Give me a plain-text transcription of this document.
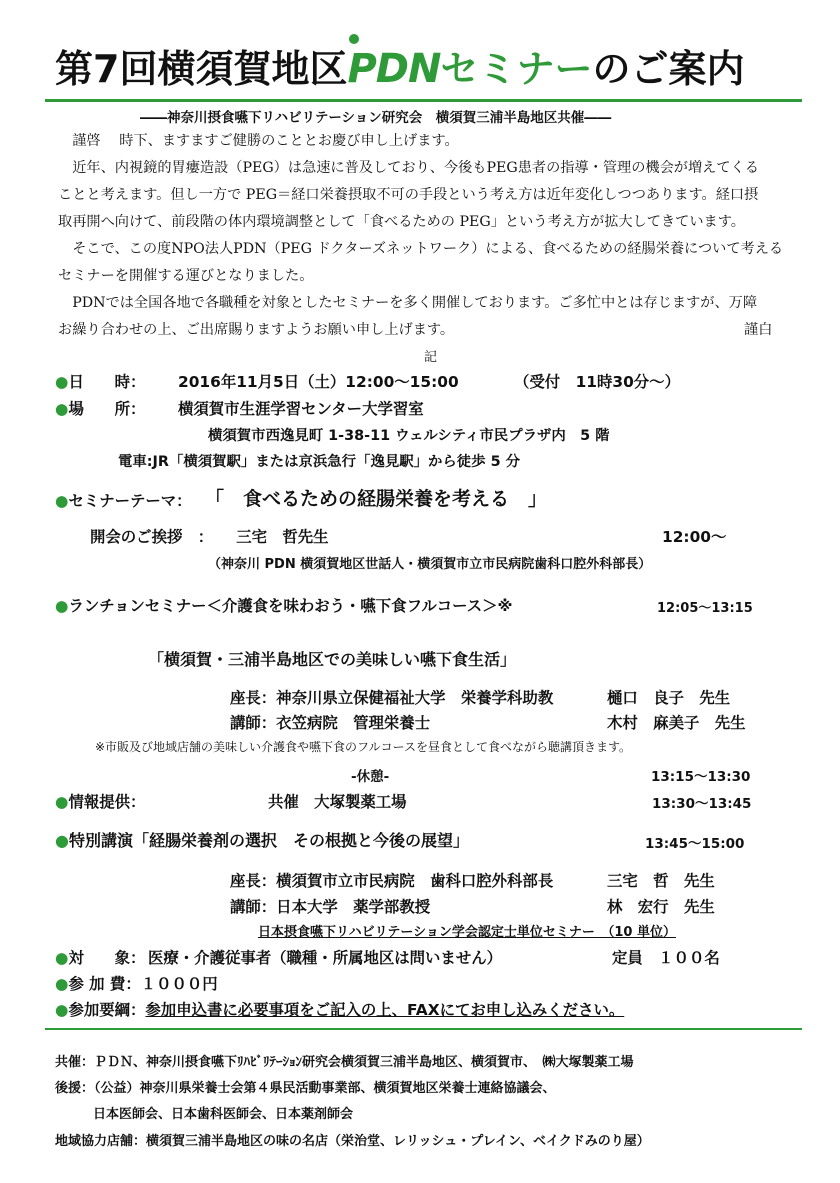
第7回横須賀地区
PDNセミナーのご案内
――神奈川摂食嚥下リハビリテーション研究会　横須賀三浦半島地区共催――
　謹啓　 時下、ますますご健勝のこととお慶び申し上げます。
　近年、内視鏡的胃瘻造設（PEG）は急速に普及しており、今後もPEG患者の指導・管理の機会が増えてくる
ことと考えます。但し一方で PEG＝経口栄養摂取不可の手段という考え方は近年変化しつつあります。経口摂
取再開へ向けて、前段階の体内環境調整として「食べるための PEG」という考え方が拡大してきています。
　そこで、この度NPO法人PDN（PEG ドクターズネットワーク）による、食べるための経腸栄養について考える
セミナーを開催する運びとなりました。
　PDNでは全国各地で各職種を対象としたセミナーを多く開催しております。ご多忙中とは存じますが、万障
お繰り合わせの上、ご出席賜りますようお願い申し上げます。	謹白
記
●日　　時： 2016年11月5日（土）12:00～15:00	（受付　11時30分～）
●場　　所： 横須賀市生涯学習センター大学習室
横須賀市西逸見町 1-38-11 ウェルシティ市民プラザ内　5 階
電車:JR「横須賀駅」または京浜急行「逸見駅」から徒歩 5 分
●セミナーテーマ： 「　食べるための経腸栄養を考える　」
開会のご挨拶　：　　三宅　哲先生	12:00～
（神奈川 PDN 横須賀地区世話人・横須賀市立市民病院歯科口腔外科部長）
●ランチョンセミナー＜介護食を味わおう・嚥下食フルコース＞※	12:05～13:15
「横須賀・三浦半島地区での美味しい嚥下食生活」
座長：神奈川県立保健福祉大学　栄養学科助教	樋口　良子　先生
講師：衣笠病院　管理栄養士	木村　麻美子　先生
※市販及び地域店舗の美味しい介護食や嚥下食のフルコースを昼食として食べながら聴講頂きます。
-休憩-	13:15～13:30
●情報提供：	共催　大塚製薬工場	13:30～13:45
●特別講演「経腸栄養剤の選択　その根拠と今後の展望」	13:45～15:00
座長：横須賀市立市民病院　歯科口腔外科部長	三宅　哲　先生
講師：日本大学　薬学部教授	林　宏行　先生
日本摂食嚥下リハビリテーション学会認定士単位セミナー　（10 単位）
●対　　象： 医療・介護従事者（職種・所属地区は問いません）	定員　１００名
●参 加 費：１０００円
●参加要綱：参加申込書に必要事項をご記入の上、FAXにてお申し込みください。
共催：ＰＤＮ、神奈川摂食嚥下ﾘﾊﾋﾞﾘﾃｰｼｮﾝ研究会横須賀三浦半島地区、横須賀市、　㈱大塚製薬工場
後援：（公益）神奈川県栄養士会第４県民活動事業部、横須賀地区栄養士連絡協議会、
日本医師会、日本歯科医師会、日本薬剤師会
地域協力店舗：横須賀三浦半島地区の味の名店（栄治堂、レリッシュ・プレイン、ベイクドみのり屋）
